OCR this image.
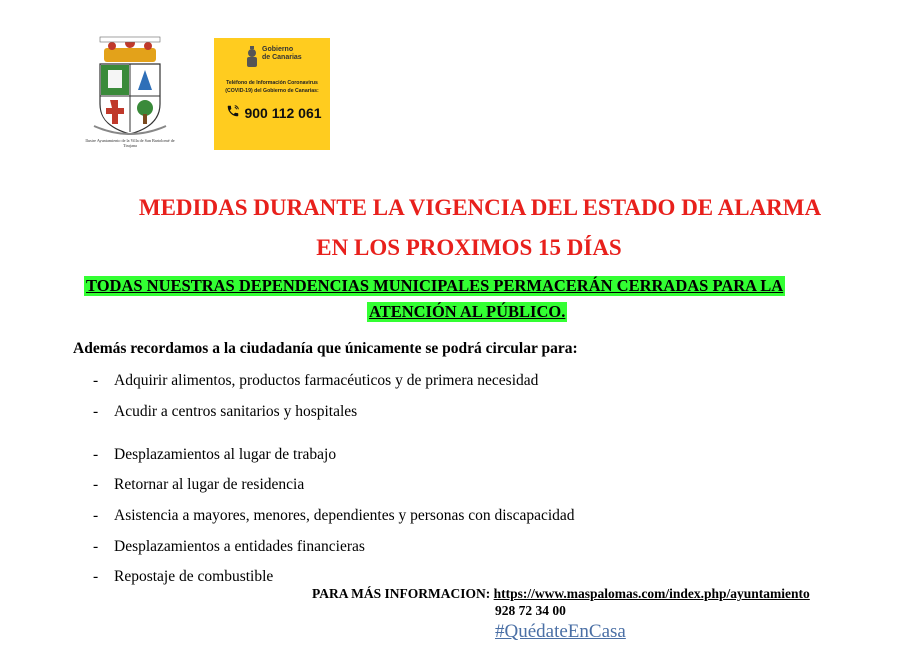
Ilustre Ayuntamiento de la Villa de San Bartolomé de Tirajana
Gobierno
de Canarias
Teléfono de Información Coronavirus
(COVID-19) del Gobierno de Canarias:
900 112 061
MEDIDAS DURANTE LA VIGENCIA DEL ESTADO DE ALARMA
EN LOS PROXIMOS 15 DÍAS
TODAS NUESTRAS DEPENDENCIAS MUNICIPALES PERMACERÁN CERRADAS PARA LA
ATENCIÓN AL PÚBLICO.
Además recordamos a la ciudadanía que únicamente se podrá circular para:
- Adquirir alimentos, productos farmacéuticos y de primera necesidad
- Acudir a centros sanitarios y hospitales
- Desplazamientos al lugar de trabajo
- Retornar al lugar de residencia
- Asistencia a mayores, menores, dependientes y personas con discapacidad
- Desplazamientos a entidades financieras
- Repostaje de combustible
PARA MÁS INFORMACION: https://www.maspalomas.com/index.php/ayuntamiento
928 72 34 00
#QuédateEnCasa
